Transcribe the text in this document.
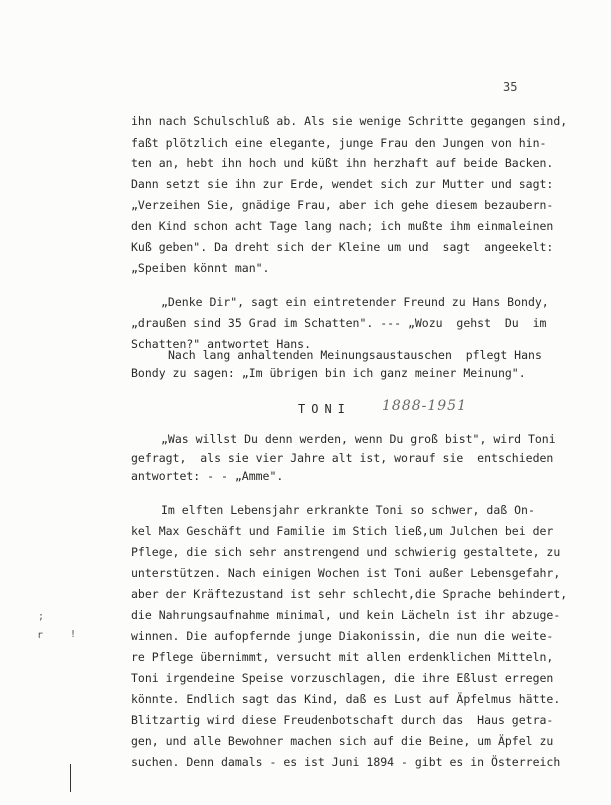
35
ihn nach Schulschluß ab. Als sie wenige Schritte gegangen sind,
faßt plötzlich eine elegante, junge Frau den Jungen von hin-
ten an, hebt ihn hoch und küßt ihn herzhaft auf beide Backen.
Dann setzt sie ihn zur Erde, wendet sich zur Mutter und sagt:
„Verzeihen Sie, gnädige Frau, aber ich gehe diesem bezaubern-
den Kind schon acht Tage lang nach; ich mußte ihm einmaleinen
Kuß geben". Da dreht sich der Kleine um und  sagt  angeekelt:
„Speiben könnt man".
„Denke Dir", sagt ein eintretender Freund zu Hans Bondy,
„draußen sind 35 Grad im Schatten". --- „Wozu  gehst  Du  im
Schatten?" antwortet Hans.
Nach lang anhaltenden Meinungsaustauschen  pflegt Hans
Bondy zu sagen: „Im übrigen bin ich ganz meiner Meinung".
TONI 1888-1951
„Was willst Du denn werden, wenn Du groß bist", wird Toni
gefragt,  als sie vier Jahre alt ist, worauf sie  entschieden
antwortet: - - „Amme".
Im elften Lebensjahr erkrankte Toni so schwer, daß On-
kel Max Geschäft und Familie im Stich ließ,um Julchen bei der
Pflege, die sich sehr anstrengend und schwierig gestaltete, zu
unterstützen. Nach einigen Wochen ist Toni außer Lebensgefahr,
aber der Kräftezustand ist sehr schlecht,die Sprache behindert,
die Nahrungsaufnahme minimal, und kein Lächeln ist ihr abzuge-
winnen. Die aufopfernde junge Diakonissin, die nun die weite-
re Pflege übernimmt, versucht mit allen erdenklichen Mitteln,
Toni irgendeine Speise vorzuschlagen, die ihre Eßlust erregen
könnte. Endlich sagt das Kind, daß es Lust auf Äpfelmus hätte.
Blitzartig wird diese Freudenbotschaft durch das  Haus getra-
gen, und alle Bewohner machen sich auf die Beine, um Äpfel zu
suchen. Denn damals - es ist Juni 1894 - gibt es in Österreich
;
r	!
